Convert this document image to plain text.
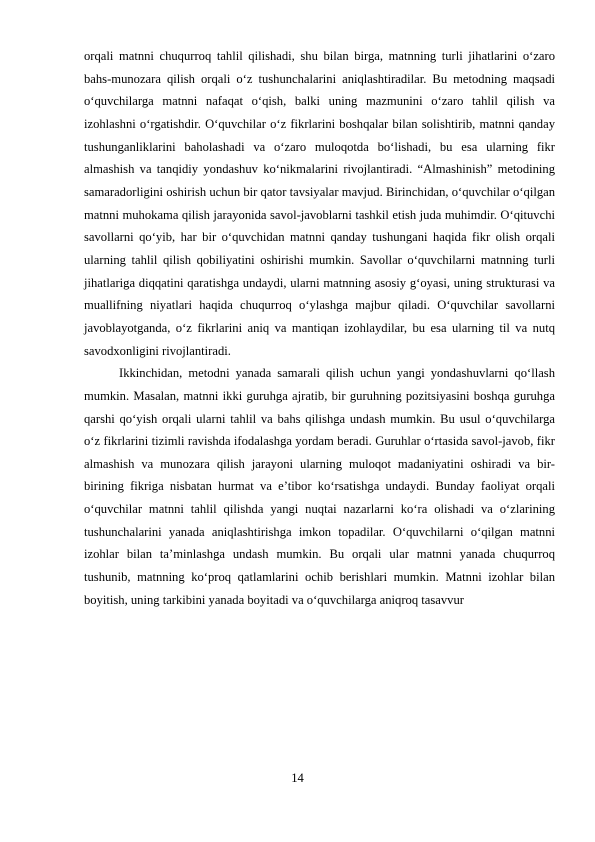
orqali matnni chuqurroq tahlil qilishadi, shu bilan birga, matnning turli jihatlarini o‘zaro bahs-munozara qilish orqali o‘z tushunchalarini aniqlashtiradilar. Bu metodning maqsadi o‘quvchilarga matnni nafaqat o‘qish, balki uning mazmunini o‘zaro tahlil qilish va izohlashni o‘rgatishdir. O‘quvchilar o‘z fikrlarini boshqalar bilan solishtirib, matnni qanday tushunganliklarini baholashadi va o‘zaro muloqotda bo‘lishadi, bu esa ularning fikr almashish va tanqidiy yondashuv ko‘nikmalarini rivojlantiradi. “Almashinish” metodining samaradorligini oshirish uchun bir qator tavsiyalar mavjud. Birinchidan, o‘quvchilar o‘qilgan matnni muhokama qilish jarayonida savol-javoblarni tashkil etish juda muhimdir. O‘qituvchi savollarni qo‘yib, har bir o‘quvchidan matnni qanday tushungani haqida fikr olish orqali ularning tahlil qilish qobiliyatini oshirishi mumkin. Savollar o‘quvchilarni matnning turli jihatlariga diqqatini qaratishga undaydi, ularni matnning asosiy g‘oyasi, uning strukturasi va muallifning niyatlari haqida chuqurroq o‘ylashga majbur qiladi. O‘quvchilar savollarni javoblayotganda, o‘z fikrlarini aniq va mantiqan izohlaydilar, bu esa ularning til va nutq savodxonligini rivojlantiradi.

Ikkinchidan, metodni yanada samarali qilish uchun yangi yondashuvlarni qo‘llash mumkin. Masalan, matnni ikki guruhga ajratib, bir guruhning pozitsiyasini boshqa guruhga qarshi qo‘yish orqali ularni tahlil va bahs qilishga undash mumkin. Bu usul o‘quvchilarga o‘z fikrlarini tizimli ravishda ifodalashga yordam beradi. Guruhlar o‘rtasida savol-javob, fikr almashish va munozara qilish jarayoni ularning muloqot madaniyatini oshiradi va bir-birining fikriga nisbatan hurmat va e’tibor ko‘rsatishga undaydi. Bunday faoliyat orqali o‘quvchilar matnni tahlil qilishda yangi nuqtai nazarlarni ko‘ra olishadi va o‘zlarining tushunchalarini yanada aniqlashtirishga imkon topadilar. O‘quvchilarni o‘qilgan matnni izohlar bilan ta’minlashga undash mumkin. Bu orqali ular matnni yanada chuqurroq tushunib, matnning ko‘proq qatlamlarini ochib berishlari mumkin. Matnni izohlar bilan boyitish, uning tarkibini yanada boyitadi va o‘quvchilarga aniqroq tasavvur

14
